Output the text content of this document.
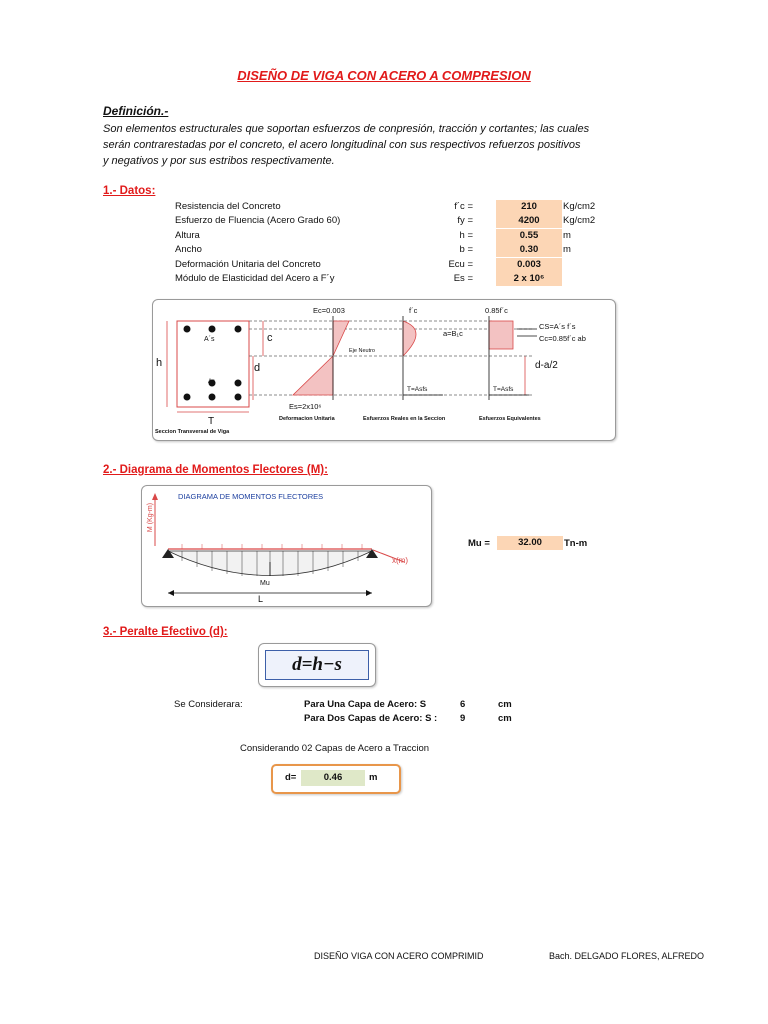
DISEÑO DE VIGA CON ACERO A COMPRESION
Definición.-
Son elementos estructurales que soportan esfuerzos de conpresión, tracción y cortantes; las cuales
serán contrarestadas por el concreto, el acero longitudinal con sus respectivos refuerzos positivos
y negativos y por sus estribos respectivamente.
1.- Datos:
Resistencia del Concreto	f´c =	210	Kg/cm2
Esfuerzo de Fluencia (Acero Grado 60)	fy =	4200	Kg/cm2
Altura	h =	0.55	m
Ancho	b =	0.30	m
Deformación Unitaria del Concreto	Ecu =	0.003
Módulo de Elasticidad del Acero a F´y	Es =	2 x 10⁶
Ec=0.003	f´c	0.85f´c
CS=A´s f´s
Cc=0.85f´c ab
a=B₁c
d-a/2
Eje Neutro
T=Asfs	T=Asfs
Es=2x10⁶
h
c
d
A´s
As
T
Seccion Transversal de Viga
Deformacion Unitaria	Esfuerzos Reales en la Seccion	Esfuerzos Equivalentes
2.- Diagrama de Momentos Flectores (M):
DIAGRAMA DE MOMENTOS FLECTORES
M (Kg-m)
x(m)
Mu
L
Mu =	32.00	Tn-m
3.- Peralte Efectivo (d):
d=h−s
Se Considerara:	Para Una Capa de Acero: S	6	cm
Para Dos Capas de Acero: S : 9	cm
Considerando 02 Capas de Acero a Traccion
d=	0.46	m
DISEÑO VIGA CON ACERO COMPRIMID	Bach. DELGADO FLORES, ALFREDO
